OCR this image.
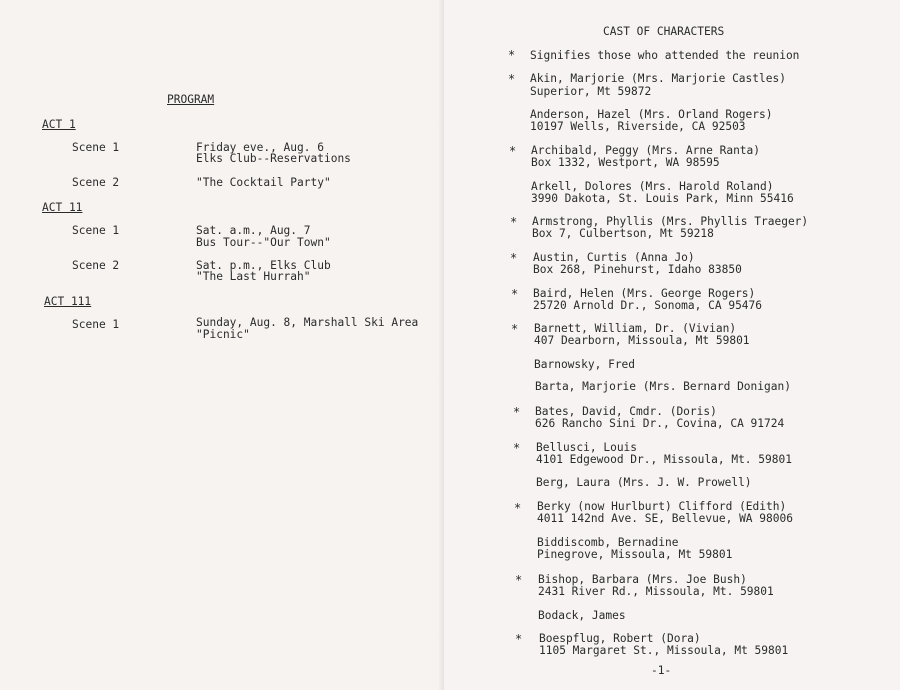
PROGRAM
ACT 1
Scene 1	Friday eve., Aug. 6
Elks Club--Reservations
Scene 2	"The Cocktail Party"
ACT 11
Scene 1	Sat. a.m., Aug. 7
Bus Tour--"Our Town"
Scene 2	Sat. p.m., Elks Club
"The Last Hurrah"
ACT 111
Scene 1	Sunday, Aug. 8, Marshall Ski Area
"Picnic"
CAST OF CHARACTERS
* Signifies those who attended the reunion
* Akin, Marjorie (Mrs. Marjorie Castles)
Superior, Mt 59872
Anderson, Hazel (Mrs. Orland Rogers)
10197 Wells, Riverside, CA 92503
* Archibald, Peggy (Mrs. Arne Ranta)
Box 1332, Westport, WA 98595
Arkell, Dolores (Mrs. Harold Roland)
3990 Dakota, St. Louis Park, Minn 55416
* Armstrong, Phyllis (Mrs. Phyllis Traeger)
Box 7, Culbertson, Mt 59218
* Austin, Curtis (Anna Jo)
Box 268, Pinehurst, Idaho 83850
* Baird, Helen (Mrs. George Rogers)
25720 Arnold Dr., Sonoma, CA 95476
* Barnett, William, Dr. (Vivian)
407 Dearborn, Missoula, Mt 59801
Barnowsky, Fred
Barta, Marjorie (Mrs. Bernard Donigan)
* Bates, David, Cmdr. (Doris)
626 Rancho Sini Dr., Covina, CA 91724
* Bellusci, Louis
4101 Edgewood Dr., Missoula, Mt. 59801
Berg, Laura (Mrs. J. W. Prowell)
* Berky (now Hurlburt) Clifford (Edith)
4011 142nd Ave. SE, Bellevue, WA 98006
Biddiscomb, Bernadine
Pinegrove, Missoula, Mt 59801
* Bishop, Barbara (Mrs. Joe Bush)
2431 River Rd., Missoula, Mt. 59801
Bodack, James
* Boespflug, Robert (Dora)
1105 Margaret St., Missoula, Mt 59801
-1-
